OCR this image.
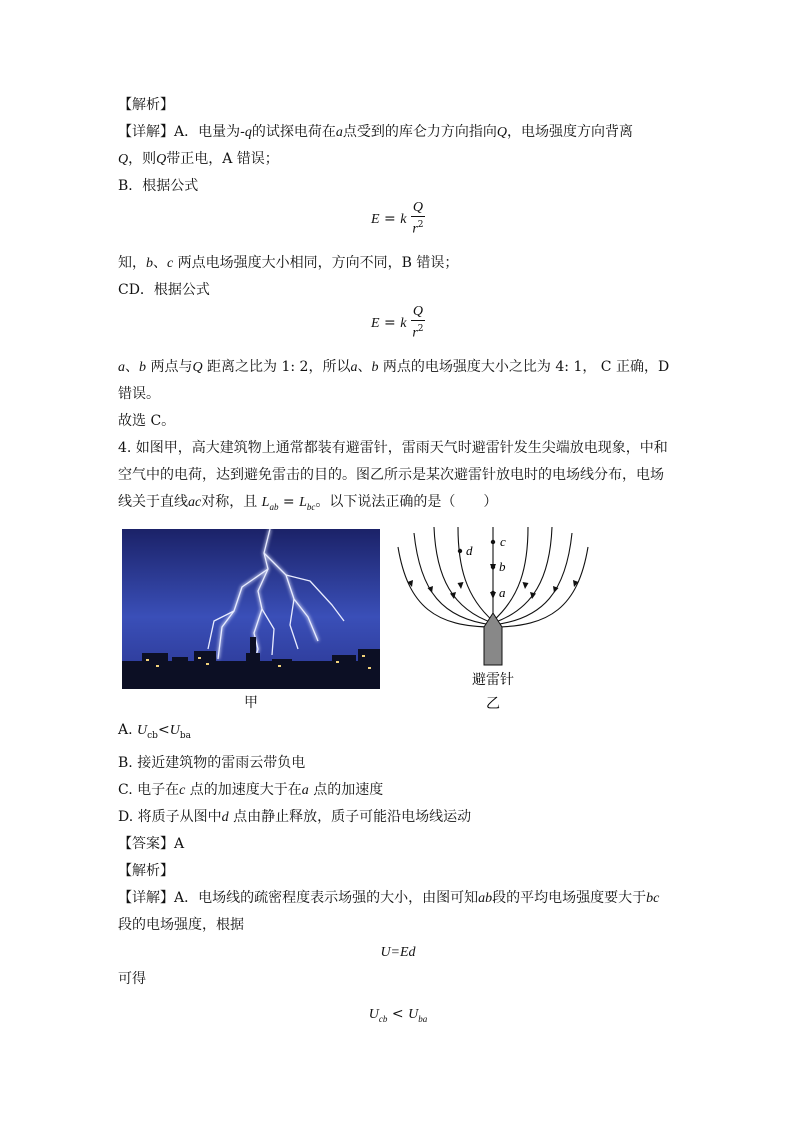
【解析】
【详解】A．电量为-q的试探电荷在a点受到的库仑力方向指向Q，电场强度方向背离
Q，则Q带正电，A 错误；
B．根据公式
E = k $\frac{Q}{r^2}$
知，b、c 两点电场强度大小相同，方向不同，B 错误；
CD．根据公式
E = k $\frac{Q}{r^2}$
a、b 两点与Q 距离之比为 1: 2，所以a、b 两点的电场强度大小之比为 4: 1， C 正确，D
错误。
故选 C。
4. 如图甲，高大建筑物上通常都装有避雷针，雷雨天气时避雷针发生尖端放电现象，中和
空气中的电荷，达到避免雷击的目的。图乙所示是某次避雷针放电时的电场线分布，电场
线关于直线ac对称，且 $L_{ab} = L_{bc}$。以下说法正确的是（　　）
甲
c
b
a
d
避雷针
乙
A. $U_{cb}<U_{ba}$
B. 接近建筑物的雷雨云带负电
C. 电子在c 点的加速度大于在a 点的加速度
D. 将质子从图中d 点由静止释放，质子可能沿电场线运动
【答案】A
【解析】
【详解】A．电场线的疏密程度表示场强的大小，由图可知ab段的平均电场强度要大于bc
段的电场强度，根据
U=Ed
可得
$U_{cb} < U_{ba}$
